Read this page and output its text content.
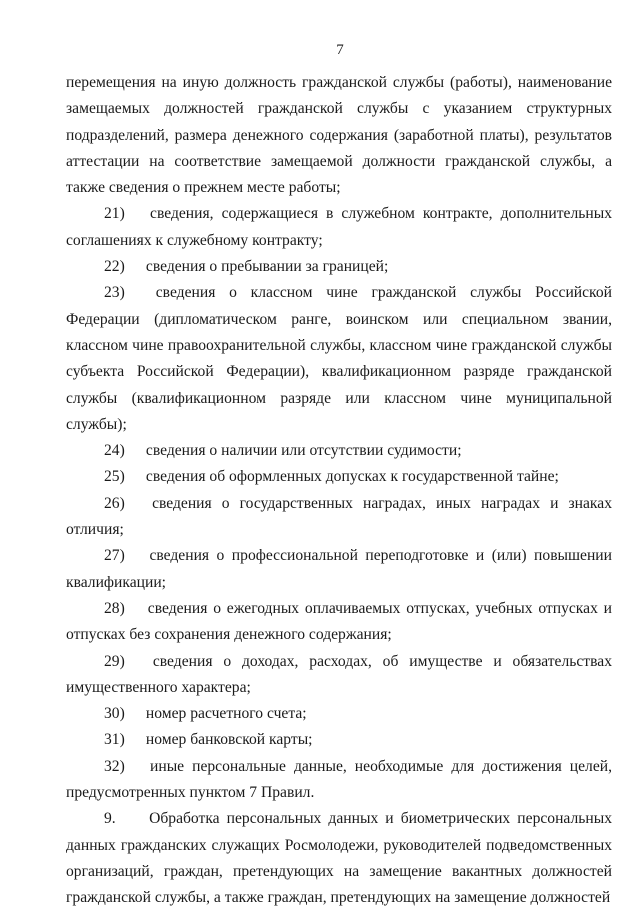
7

перемещения на иную должность гражданской службы (работы), наименование замещаемых должностей гражданской службы с указанием структурных подразделений, размера денежного содержания (заработной платы), результатов аттестации на соответствие замещаемой должности гражданской службы, а также сведения о прежнем месте работы;

21) сведения, содержащиеся в служебном контракте, дополнительных соглашениях к служебному контракту;

22) сведения о пребывании за границей;

23) сведения о классном чине гражданской службы Российской Федерации (дипломатическом ранге, воинском или специальном звании, классном чине правоохранительной службы, классном чине гражданской службы субъекта Российской Федерации), квалификационном разряде гражданской службы (квалификационном разряде или классном чине муниципальной службы);

24) сведения о наличии или отсутствии судимости;

25) сведения об оформленных допусках к государственной тайне;

26) сведения о государственных наградах, иных наградах и знаках отличия;

27) сведения о профессиональной переподготовке и (или) повышении квалификации;

28) сведения о ежегодных оплачиваемых отпусках, учебных отпусках и отпусках без сохранения денежного содержания;

29) сведения о доходах, расходах, об имуществе и обязательствах имущественного характера;

30) номер расчетного счета;

31) номер банковской карты;

32) иные персональные данные, необходимые для достижения целей, предусмотренных пунктом 7 Правил.

9. Обработка персональных данных и биометрических персональных данных гражданских служащих Росмолодежи, руководителей подведомственных организаций, граждан, претендующих на замещение вакантных должностей гражданской службы, а также граждан, претендующих на замещение должностей
